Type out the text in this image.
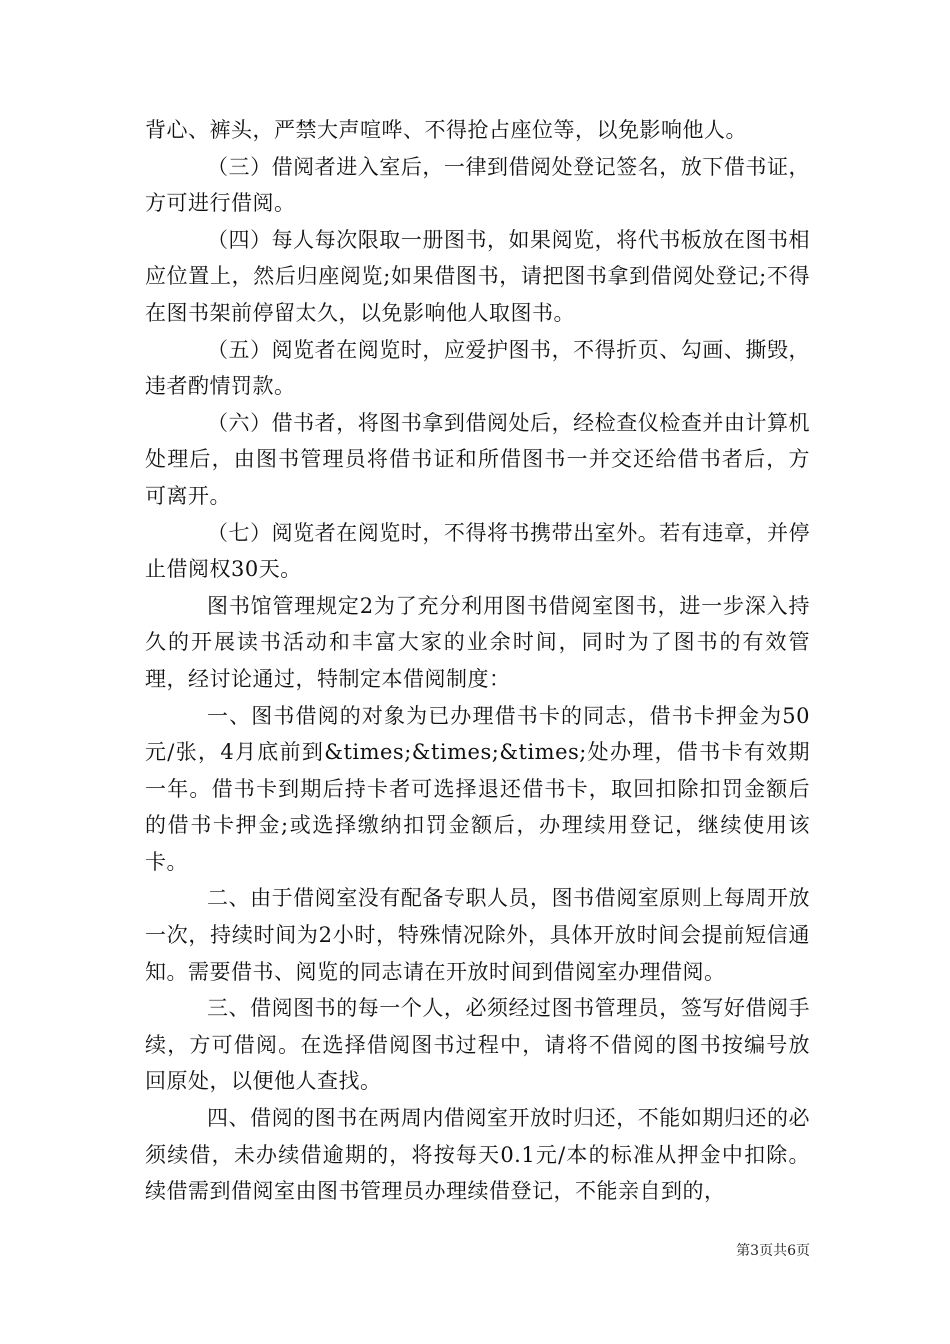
背心、裤头，严禁大声喧哗、不得抢占座位等，以免影响他人。

（三）借阅者进入室后，一律到借阅处登记签名，放下借书证，方可进行借阅。

（四）每人每次限取一册图书，如果阅览，将代书板放在图书相应位置上，然后归座阅览;如果借图书，请把图书拿到借阅处登记;不得在图书架前停留太久，以免影响他人取图书。

（五）阅览者在阅览时，应爱护图书，不得折页、勾画、撕毁，违者酌情罚款。

（六）借书者，将图书拿到借阅处后，经检查仪检查并由计算机处理后，由图书管理员将借书证和所借图书一并交还给借书者后，方可离开。

（七）阅览者在阅览时，不得将书携带出室外。若有违章，并停止借阅权30天。

图书馆管理规定2为了充分利用图书借阅室图书，进一步深入持久的开展读书活动和丰富大家的业余时间，同时为了图书的有效管理，经讨论通过，特制定本借阅制度：

一、图书借阅的对象为已办理借书卡的同志，借书卡押金为50元/张，4月底前到&times;&times;&times;处办理，借书卡有效期一年。借书卡到期后持卡者可选择退还借书卡，取回扣除扣罚金额后的借书卡押金;或选择缴纳扣罚金额后，办理续用登记，继续使用该卡。

二、由于借阅室没有配备专职人员，图书借阅室原则上每周开放一次，持续时间为2小时，特殊情况除外，具体开放时间会提前短信通知。需要借书、阅览的同志请在开放时间到借阅室办理借阅。

三、借阅图书的每一个人，必须经过图书管理员，签写好借阅手续，方可借阅。在选择借阅图书过程中，请将不借阅的图书按编号放回原处，以便他人查找。

四、借阅的图书在两周内借阅室开放时归还，不能如期归还的必须续借，未办续借逾期的，将按每天0.1元/本的标准从押金中扣除。续借需到借阅室由图书管理员办理续借登记，不能亲自到的，

第3页共6页
